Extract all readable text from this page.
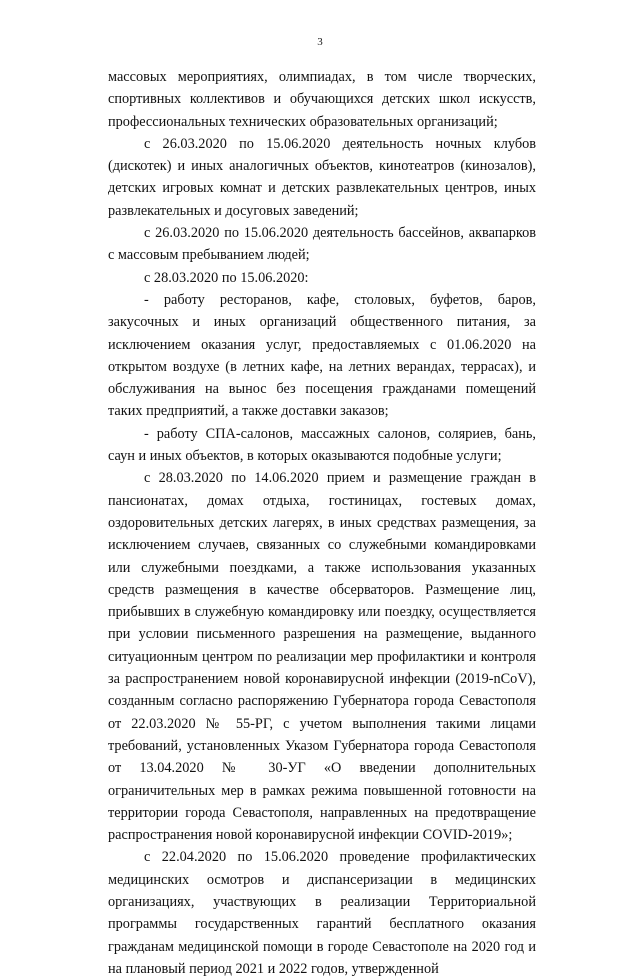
3

массовых мероприятиях, олимпиадах, в том числе творческих, спортивных коллективов и обучающихся детских школ искусств, профессиональных технических образовательных организаций;

с 26.03.2020 по 15.06.2020 деятельность ночных клубов (дискотек) и иных аналогичных объектов, кинотеатров (кинозалов), детских игровых комнат и детских развлекательных центров, иных развлекательных и досуговых заведений;

с 26.03.2020 по 15.06.2020 деятельность бассейнов, аквапарков с массовым пребыванием людей;

с 28.03.2020 по 15.06.2020:

- работу ресторанов, кафе, столовых, буфетов, баров, закусочных и иных организаций общественного питания, за исключением оказания услуг, предоставляемых с 01.06.2020 на открытом воздухе (в летних кафе, на летних верандах, террасах), и обслуживания на вынос без посещения гражданами помещений таких предприятий, а также доставки заказов;

- работу СПА-салонов, массажных салонов, соляриев, бань, саун и иных объектов, в которых оказываются подобные услуги;

с 28.03.2020 по 14.06.2020 прием и размещение граждан в пансионатах, домах отдыха, гостиницах, гостевых домах, оздоровительных детских лагерях, в иных средствах размещения, за исключением случаев, связанных со служебными командировками или служебными поездками, а также использования указанных средств размещения в качестве обсерваторов. Размещение лиц, прибывших в служебную командировку или поездку, осуществляется при условии письменного разрешения на размещение, выданного ситуационным центром по реализации мер профилактики и контроля за распространением новой коронавирусной инфекции (2019-nCoV), созданным согласно распоряжению Губернатора города Севастополя от 22.03.2020 № 55-РГ, с учетом выполнения такими лицами требований, установленных Указом Губернатора города Севастополя от 13.04.2020 № 30-УГ «О введении дополнительных ограничительных мер в рамках режима повышенной готовности на территории города Севастополя, направленных на предотвращение распространения новой коронавирусной инфекции COVID-2019»;

с 22.04.2020 по 15.06.2020 проведение профилактических медицинских осмотров и диспансеризации в медицинских организациях, участвующих в реализации Территориальной программы государственных гарантий бесплатного оказания гражданам медицинской помощи в городе Севастополе на 2020 год и на плановый период 2021 и 2022 годов, утвержденной
